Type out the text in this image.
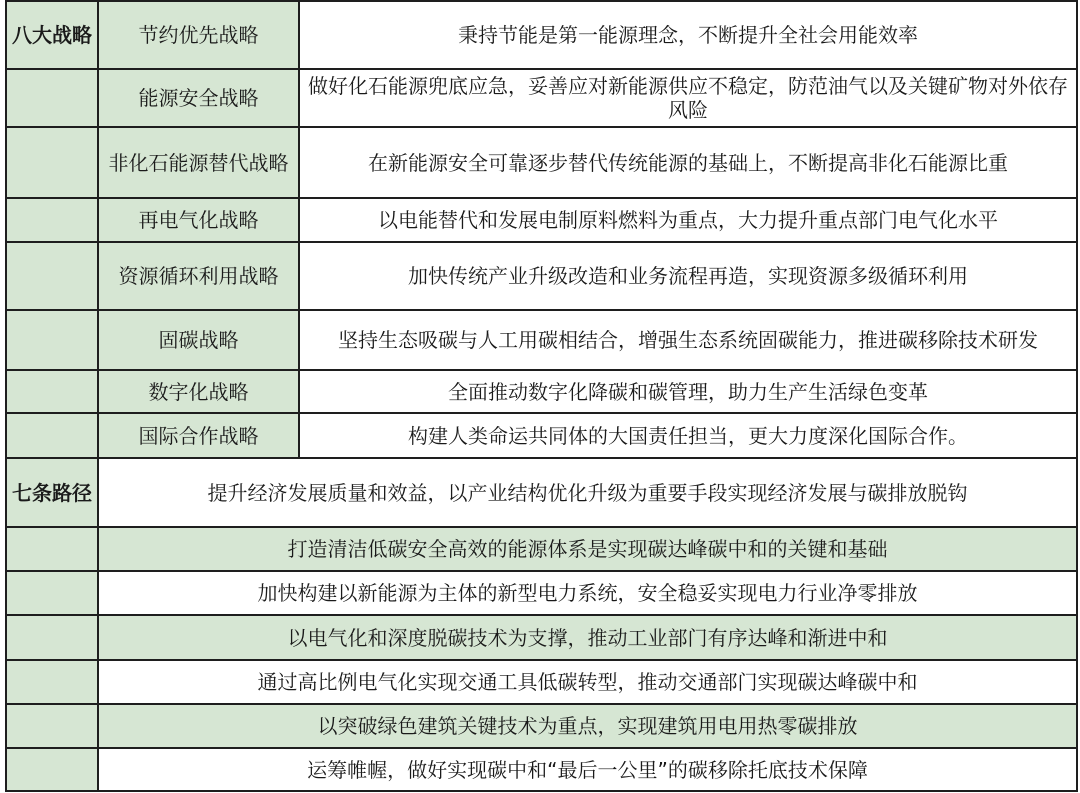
八大战略	节约优先战略	秉持节能是第一能源理念，不断提升全社会用能效率
	能源安全战略	做好化石能源兜底应急，妥善应对新能源供应不稳定，防范油气以及关键矿物对外依存风险
	非化石能源替代战略	在新能源安全可靠逐步替代传统能源的基础上，不断提高非化石能源比重
	再电气化战略	以电能替代和发展电制原料燃料为重点，大力提升重点部门电气化水平
	资源循环利用战略	加快传统产业升级改造和业务流程再造，实现资源多级循环利用
	固碳战略	坚持生态吸碳与人工用碳相结合，增强生态系统固碳能力，推进碳移除技术研发
	数字化战略	全面推动数字化降碳和碳管理，助力生产生活绿色变革
	国际合作战略	构建人类命运共同体的大国责任担当，更大力度深化国际合作。
七条路径	提升经济发展质量和效益，以产业结构优化升级为重要手段实现经济发展与碳排放脱钩	
	打造清洁低碳安全高效的能源体系是实现碳达峰碳中和的关键和基础	
	加快构建以新能源为主体的新型电力系统，安全稳妥实现电力行业净零排放	
	以电气化和深度脱碳技术为支撑，推动工业部门有序达峰和渐进中和	
	通过高比例电气化实现交通工具低碳转型，推动交通部门实现碳达峰碳中和	
	以突破绿色建筑关键技术为重点，实现建筑用电用热零碳排放	
	运筹帷幄，做好实现碳中和“最后一公里”的碳移除托底技术保障	
